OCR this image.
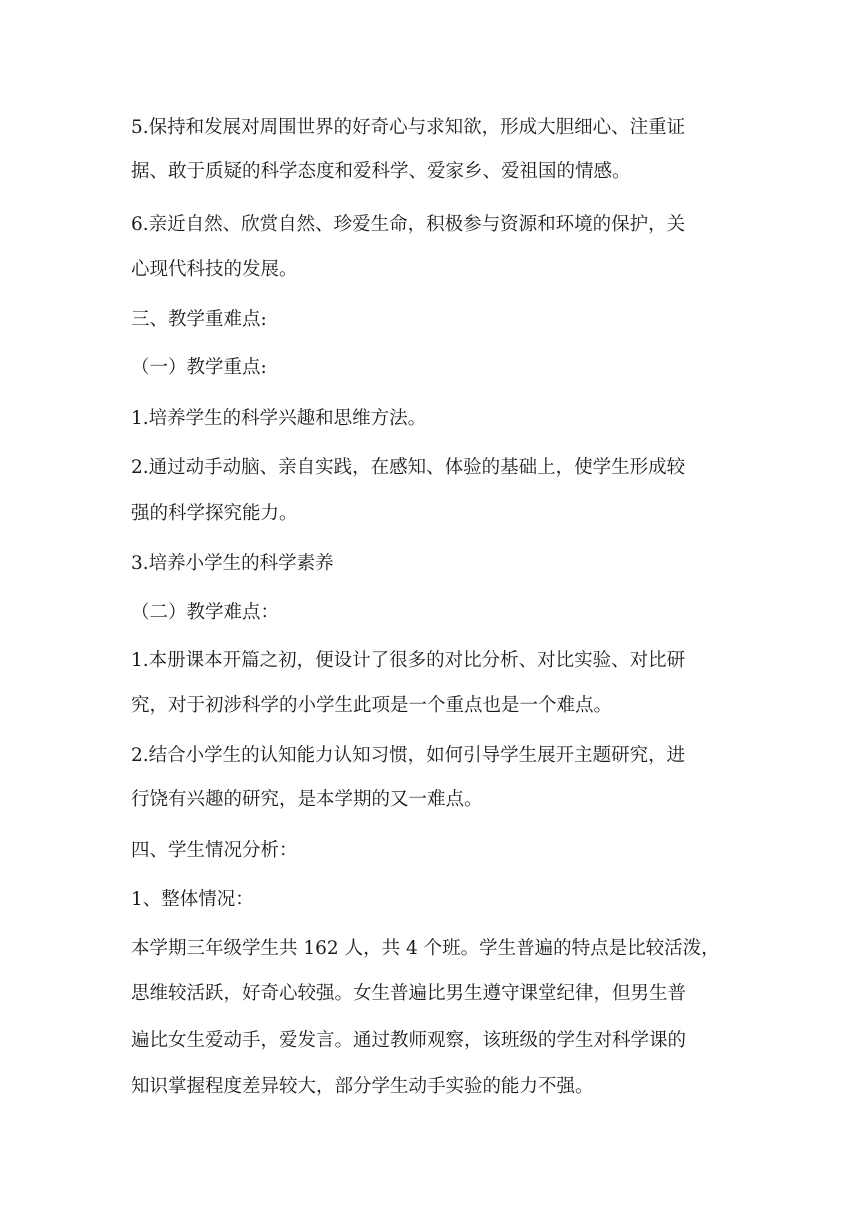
5.保持和发展对周围世界的好奇心与求知欲，形成大胆细心、注重证
据、敢于质疑的科学态度和爱科学、爱家乡、爱祖国的情感。
6.亲近自然、欣赏自然、珍爱生命，积极参与资源和环境的保护，关
心现代科技的发展。
三、教学重难点:
（一）教学重点:
1.培养学生的科学兴趣和思维方法。
2.通过动手动脑、亲自实践，在感知、体验的基础上，使学生形成较
强的科学探究能力。
3.培养小学生的科学素养
（二）教学难点：
1.本册课本开篇之初，便设计了很多的对比分析、对比实验、对比研
究，对于初涉科学的小学生此项是一个重点也是一个难点。
2.结合小学生的认知能力认知习惯，如何引导学生展开主题研究，进
行饶有兴趣的研究，是本学期的又一难点。
四、学生情况分析：
1、整体情况：
本学期三年级学生共 162 人，共 4 个班。学生普遍的特点是比较活泼，
思维较活跃，好奇心较强。女生普遍比男生遵守课堂纪律，但男生普
遍比女生爱动手，爱发言。通过教师观察，该班级的学生对科学课的
知识掌握程度差异较大，部分学生动手实验的能力不强。
